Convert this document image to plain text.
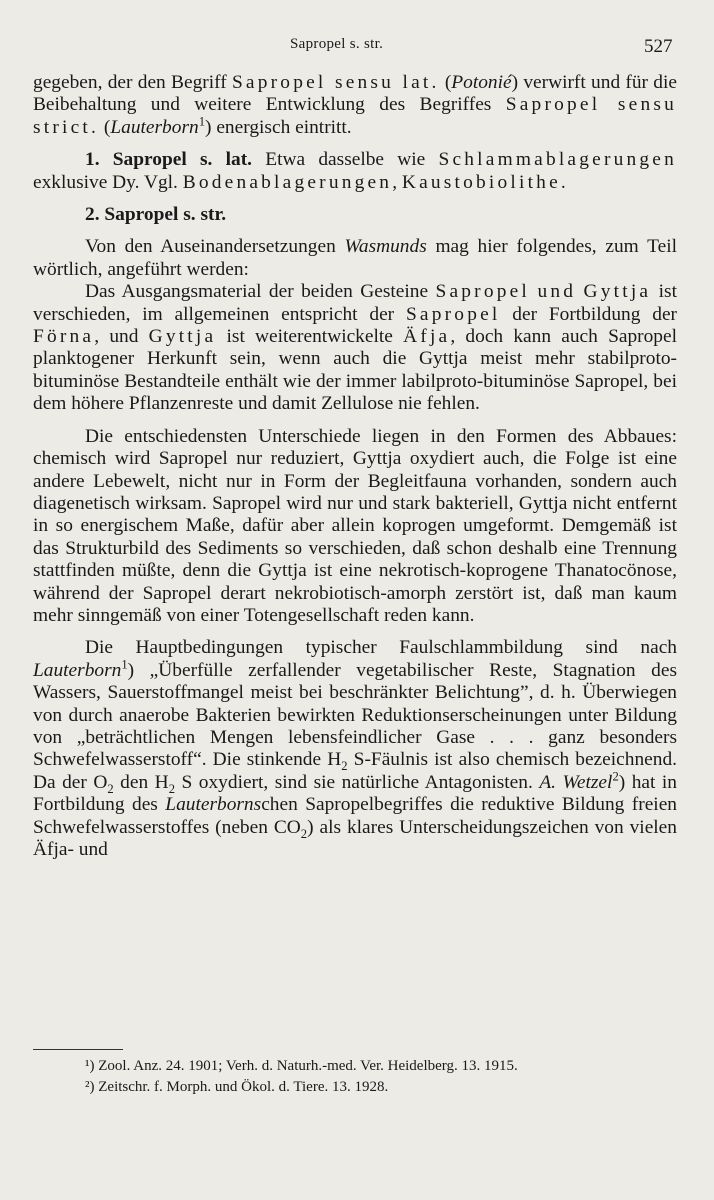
Sapropel s. str.	527

gegeben, der den Begriff Sapropel sensu lat. (Potonié) verwirft und für die Beibehaltung und weitere Entwicklung des Begriffes Sapropel sensu strict. (Lauterborn$^1$) energisch eintritt.

1. Sapropel s. lat. Etwa dasselbe wie Schlammablagerungen exklusive Dy. Vgl. Bodenablagerungen, Kaustobiolithe.

2. Sapropel s. str.

Von den Auseinandersetzungen Wasmunds mag hier folgendes, zum Teil wörtlich, angeführt werden:

Das Ausgangsmaterial der beiden Gesteine Sapropel und Gyttja ist verschieden, im allgemeinen entspricht der Sapropel der Fortbildung der Förna, und Gyttja ist weiterentwickelte Äfja, doch kann auch Sapropel planktogener Herkunft sein, wenn auch die Gyttja meist mehr stabilproto-bituminöse Bestandteile enthält wie der immer labilproto-bituminöse Sapropel, bei dem höhere Pflanzenreste und damit Zellulose nie fehlen.

Die entschiedensten Unterschiede liegen in den Formen des Abbaues: chemisch wird Sapropel nur reduziert, Gyttja oxydiert auch, die Folge ist eine andere Lebewelt, nicht nur in Form der Begleitfauna vorhanden, sondern auch diagenetisch wirksam. Sapropel wird nur und stark bakteriell, Gyttja nicht entfernt in so energischem Maße, dafür aber allein koprogen umgeformt. Demgemäß ist das Strukturbild des Sediments so verschieden, daß schon deshalb eine Trennung stattfinden müßte, denn die Gyttja ist eine nekrotisch-koprogene Thanatocönose, während der Sapropel derart nekrobiotisch-amorph zerstört ist, daß man kaum mehr sinngemäß von einer Totengesellschaft reden kann.

Die Hauptbedingungen typischer Faulschlammbildung sind nach Lauterborn$^1$) „Überfülle zerfallender vegetabilischer Reste, Stagnation des Wassers, Sauerstoffmangel meist bei beschränkter Belichtung”, d. h. Überwiegen von durch anaerobe Bakterien bewirkten Reduktionserscheinungen unter Bildung von „beträchtlichen Mengen lebensfeindlicher Gase . . . ganz besonders Schwefelwasserstoff“. Die stinkende $H_2$ S-Fäulnis ist also chemisch bezeichnend. Da der $O_2$ den $H_2$ S oxydiert, sind sie natürliche Antagonisten. A. Wetzel$^2$) hat in Fortbildung des Lauterbornschen Sapropelbegriffes die reduktive Bildung freien Schwefelwasserstoffes (neben $CO_2$) als klares Unterscheidungszeichen von vielen Äfja- und

¹) Zool. Anz. 24. 1901; Verh. d. Naturh.-med. Ver. Heidelberg. 13. 1915.
²) Zeitschr. f. Morph. und Ökol. d. Tiere. 13. 1928.
